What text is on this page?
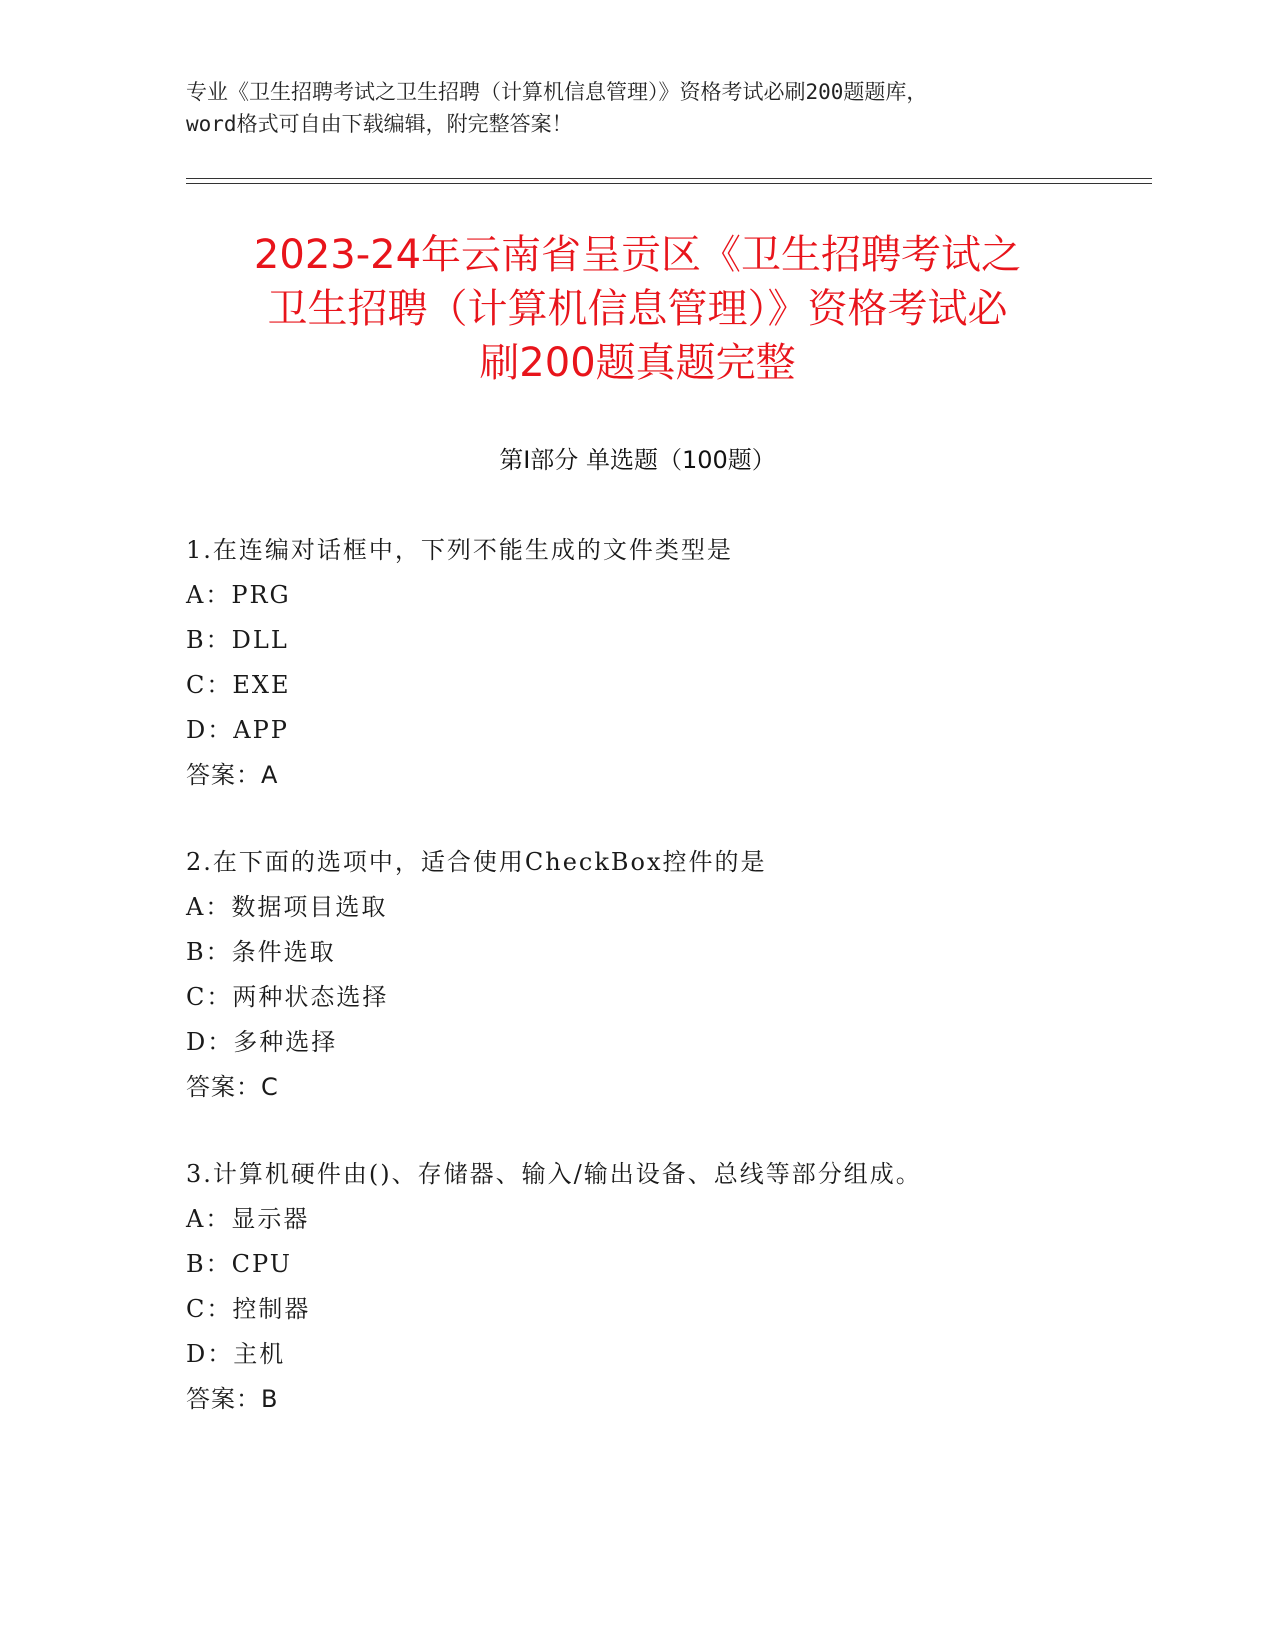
专业《卫生招聘考试之卫生招聘（计算机信息管理）》资格考试必刷200题题库，
word格式可自由下载编辑，附完整答案！
2023-24年云南省呈贡区《卫生招聘考试之
卫生招聘（计算机信息管理）》资格考试必
刷200题真题完整
第Ⅰ部分 单选题（100题）
1.在连编对话框中，下列不能生成的文件类型是
A：PRG
B：DLL
C：EXE
D：APP
答案：A
2.在下面的选项中，适合使用CheckBox控件的是
A：数据项目选取
B：条件选取
C：两种状态选择
D：多种选择
答案：C
3.计算机硬件由()、存储器、输入/输出设备、总线等部分组成。
A：显示器
B：CPU
C：控制器
D：主机
答案：B
